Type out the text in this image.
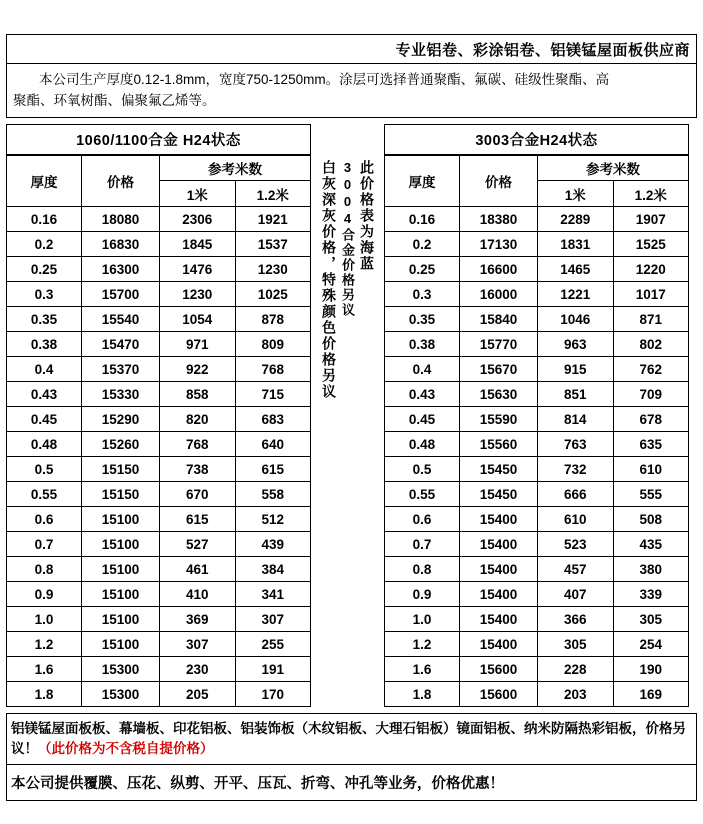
专业铝卷、彩涂铝卷、铝镁锰屋面板供应商
本公司生产厚度0.12-1.8mm，宽度750-1250mm。涂层可选择普通聚酯、氟碳、硅级性聚酯、高
聚酯、环氧树酯、偏聚氟乙烯等。
1060/1100合金 H24状态
厚度	价格	参考米数	
		1米	1.2米
0.16	18080	2306	1921
0.2	16830	1845	1537
0.25	16300	1476	1230
0.3	15700	1230	1025
0.35	15540	1054	878
0.38	15470	971	809
0.4	15370	922	768
0.43	15330	858	715
0.45	15290	820	683
0.48	15260	768	640
0.5	15150	738	615
0.55	15150	670	558
0.6	15100	615	512
0.7	15100	527	439
0.8	15100	461	384
0.9	15100	410	341
1.0	15100	369	307
1.2	15100	307	255
1.6	15300	230	191
1.8	15300	205	170
此价格表为海蓝
3004合金价格另议
白灰深灰价格，特殊颜色价格另议
3003合金H24状态
厚度	价格	参考米数	
		1米	1.2米
0.16	18380	2289	1907
0.2	17130	1831	1525
0.25	16600	1465	1220
0.3	16000	1221	1017
0.35	15840	1046	871
0.38	15770	963	802
0.4	15670	915	762
0.43	15630	851	709
0.45	15590	814	678
0.48	15560	763	635
0.5	15450	732	610
0.55	15450	666	555
0.6	15400	610	508
0.7	15400	523	435
0.8	15400	457	380
0.9	15400	407	339
1.0	15400	366	305
1.2	15400	305	254
1.6	15600	228	190
1.8	15600	203	169
铝镁锰屋面板板、幕墙板、印花铝板、铝装饰板（木纹铝板、大理石铝板）镜面铝板、纳米防隔热彩铝板，价格另议！（此价格为不含税自提价格）
本公司提供覆膜、压花、纵剪、开平、压瓦、折弯、冲孔等业务，价格优惠！
